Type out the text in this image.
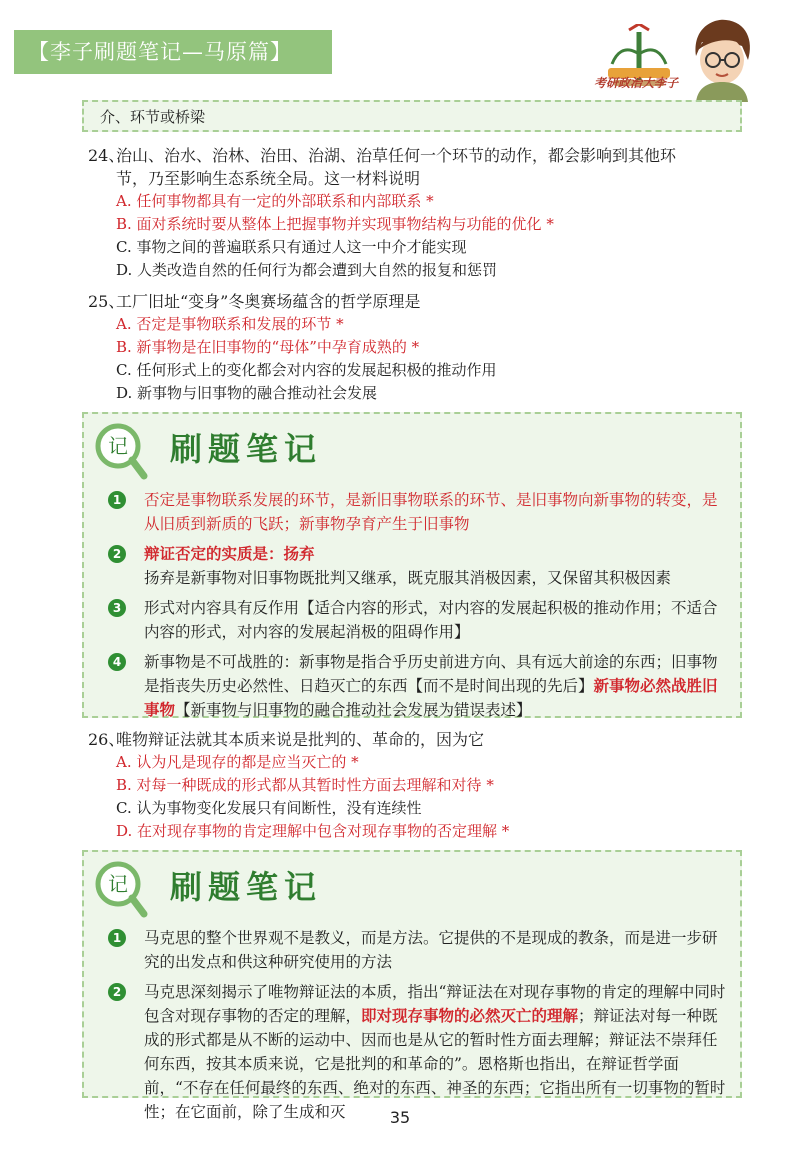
【李子刷题笔记—马原篇】
考研政治大李子
介、环节或桥梁
24、治山、治水、治林、治田、治湖、治草任何一个环节的动作，都会影响到其他环
节，乃至影响生态系统全局。这一材料说明
A. 任何事物都具有一定的外部联系和内部联系 *
B. 面对系统时要从整体上把握事物并实现事物结构与功能的优化 *
C. 事物之间的普遍联系只有通过人这一中介才能实现
D. 人类改造自然的任何行为都会遭到大自然的报复和惩罚
25、工厂旧址“变身”冬奥赛场蕴含的哲学原理是
A. 否定是事物联系和发展的环节 *
B. 新事物是在旧事物的“母体”中孕育成熟的 *
C. 任何形式上的变化都会对内容的发展起积极的推动作用
D. 新事物与旧事物的融合推动社会发展
记 刷题笔记
1	否定是事物联系发展的环节，是新旧事物联系的环节、是旧事物向新事物的转变，是从旧质到新质的飞跃；新事物孕育产生于旧事物
2	辩证否定的实质是：扬弃
扬弃是新事物对旧事物既批判又继承，既克服其消极因素，又保留其积极因素
3	形式对内容具有反作用【适合内容的形式，对内容的发展起积极的推动作用；不适合内容的形式，对内容的发展起消极的阻碍作用】
4	新事物是不可战胜的：新事物是指合乎历史前进方向、具有远大前途的东西；旧事物是指丧失历史必然性、日趋灭亡的东西【而不是时间出现的先后】新事物必然战胜旧事物【新事物与旧事物的融合推动社会发展为错误表述】
26、唯物辩证法就其本质来说是批判的、革命的，因为它
A. 认为凡是现存的都是应当灭亡的 *
B. 对每一种既成的形式都从其暂时性方面去理解和对待 *
C. 认为事物变化发展只有间断性，没有连续性
D. 在对现存事物的肯定理解中包含对现存事物的否定理解 *
记 刷题笔记
1	马克思的整个世界观不是教义，而是方法。它提供的不是现成的教条，而是进一步研究的出发点和供这种研究使用的方法
2	马克思深刻揭示了唯物辩证法的本质，指出“辩证法在对现存事物的肯定的理解中同时包含对现存事物的否定的理解，即对现存事物的必然灭亡的理解；辩证法对每一种既成的形式都是从不断的运动中、因而也是从它的暂时性方面去理解；辩证法不崇拜任何东西，按其本质来说，它是批判的和革命的”。恩格斯也指出，在辩证哲学面前，“不存在任何最终的东西、绝对的东西、神圣的东西；它指出所有一切事物的暂时性；在它面前，除了生成和灭	35
